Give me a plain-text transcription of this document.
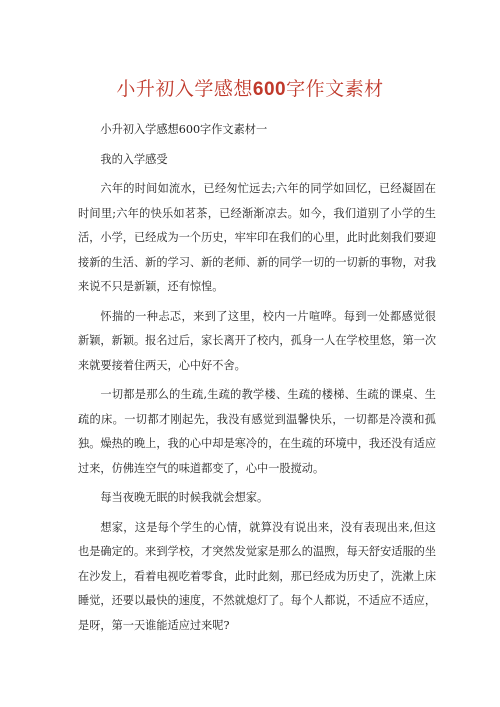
小升初入学感想600字作文素材

小升初入学感想600字作文素材一

我的入学感受

六年的时间如流水，已经匆忙远去;六年的同学如回忆，已经凝固在时间里;六年的快乐如茗茶，已经渐渐凉去。如今，我们道别了小学的生活，小学，已经成为一个历史，牢牢印在我们的心里，此时此刻我们要迎接新的生活、新的学习、新的老师、新的同学一切的一切新的事物，对我来说不只是新颖，还有惊惶。

怀揣的一种忐忑，来到了这里，校内一片喧哗。每到一处都感觉很新颖，新颖。报名过后，家长离开了校内，孤身一人在学校里悠，第一次来就要接着住两天，心中好不舍。

一切都是那么的生疏,生疏的教学楼、生疏的楼梯、生疏的课桌、生疏的床。一切都才刚起先，我没有感觉到温馨快乐，一切都是冷漠和孤独。燥热的晚上，我的心中却是寒冷的，在生疏的环境中，我还没有适应过来，仿佛连空气的味道都变了，心中一股搅动。

每当夜晚无眠的时候我就会想家。

想家，这是每个学生的心情，就算没有说出来，没有表现出来,但这也是确定的。来到学校，才突然发觉家是那么的温煦，每天舒安适服的坐在沙发上，看着电视吃着零食，此时此刻，那已经成为历史了，洗漱上床睡觉，还要以最快的速度，不然就熄灯了。每个人都说，不适应不适应，是呀，第一天谁能适应过来呢?
